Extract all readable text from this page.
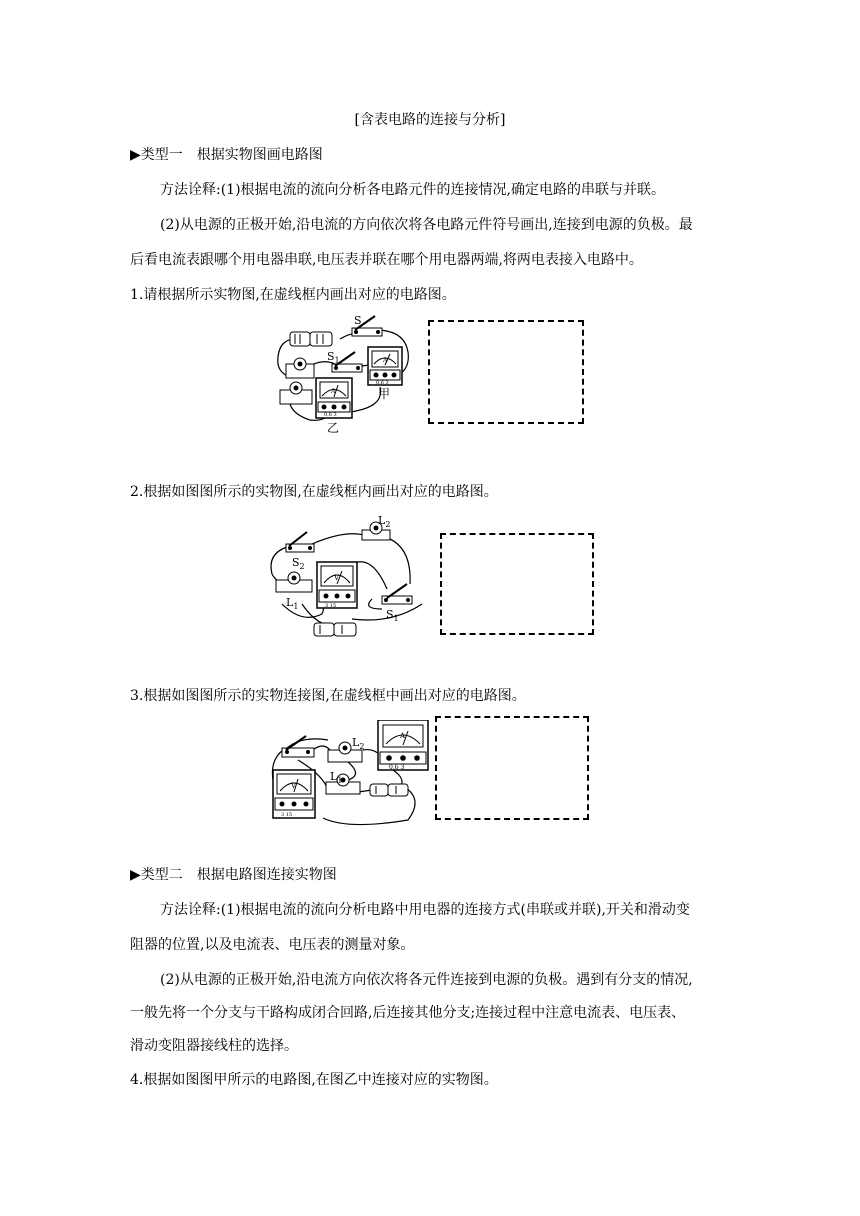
[含表电路的连接与分析]
▶类型一　根据实物图画电路图
方法诠释:(1)根据电流的流向分析各电路元件的连接情况,确定电路的串联与并联。
(2)从电源的正极开始,沿电流的方向依次将各电路元件符号画出,连接到电源的负极。最
后看电流表跟哪个用电器串联,电压表并联在哪个用电器两端,将两电表接入电路中。
1.请根据所示实物图,在虚线框内画出对应的电路图。
S
$S_1$	A
0.6 3
甲
A
0.6 3
乙
2.根据如图图所示的实物图,在虚线框内画出对应的电路图。
$S_2$
$L_2$
$L_1$
V
3 15
$S_1$
3.根据如图图所示的实物连接图,在虚线框中画出对应的电路图。
$L_2$
$L_1$
A
0.6 3
V
3 15
▶类型二　根据电路图连接实物图
方法诠释:(1)根据电流的流向分析电路中用电器的连接方式(串联或并联),开关和滑动变
阻器的位置,以及电流表、电压表的测量对象。
(2)从电源的正极开始,沿电流方向依次将各元件连接到电源的负极。遇到有分支的情况,
一般先将一个分支与干路构成闭合回路,后连接其他分支;连接过程中注意电流表、电压表、
滑动变阻器接线柱的选择。
4.根据如图图甲所示的电路图,在图乙中连接对应的实物图。
